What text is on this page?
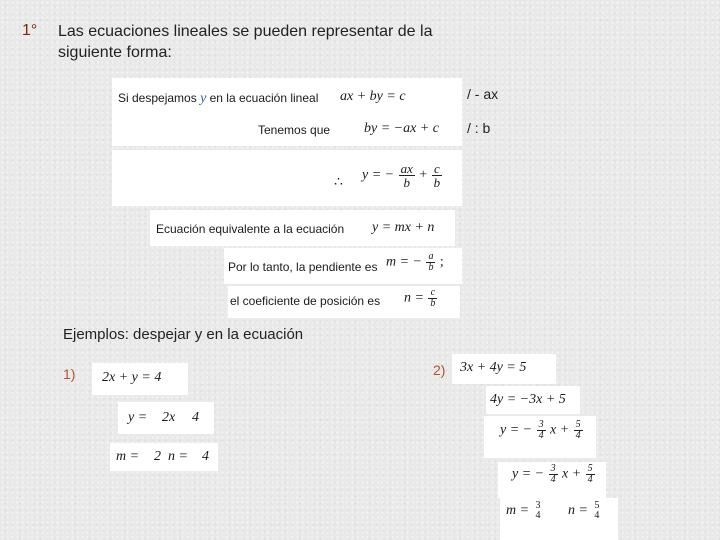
1° Las ecuaciones lineales se pueden representar de la siguiente forma:
Si despejamos y en la ecuación lineal ax + by = c
Tenemos que by = −ax + c
∴ y = − $\frac{ax}{b} + \frac{c}{b}$
Ecuación equivalente a la ecuación y = mx + n
Por lo tanto, la pendiente es m = − $\frac{a}{b}$ ;
el coeficiente de posición es $n = \frac{c}{b}$
/ - ax
/ : b
Ejemplos: despejar y en la ecuación
1) 2x + y = 4
y = 2x 4
m = 2 n = 4
2) 3x + 4y = 5
4y = −3x + 5
y = − $\frac{3}{4}$ $x + \frac{5}{4}$
y = − $\frac{3}{4}$ $x + \frac{5}{4}$
m = 3
4 n = 5
4
